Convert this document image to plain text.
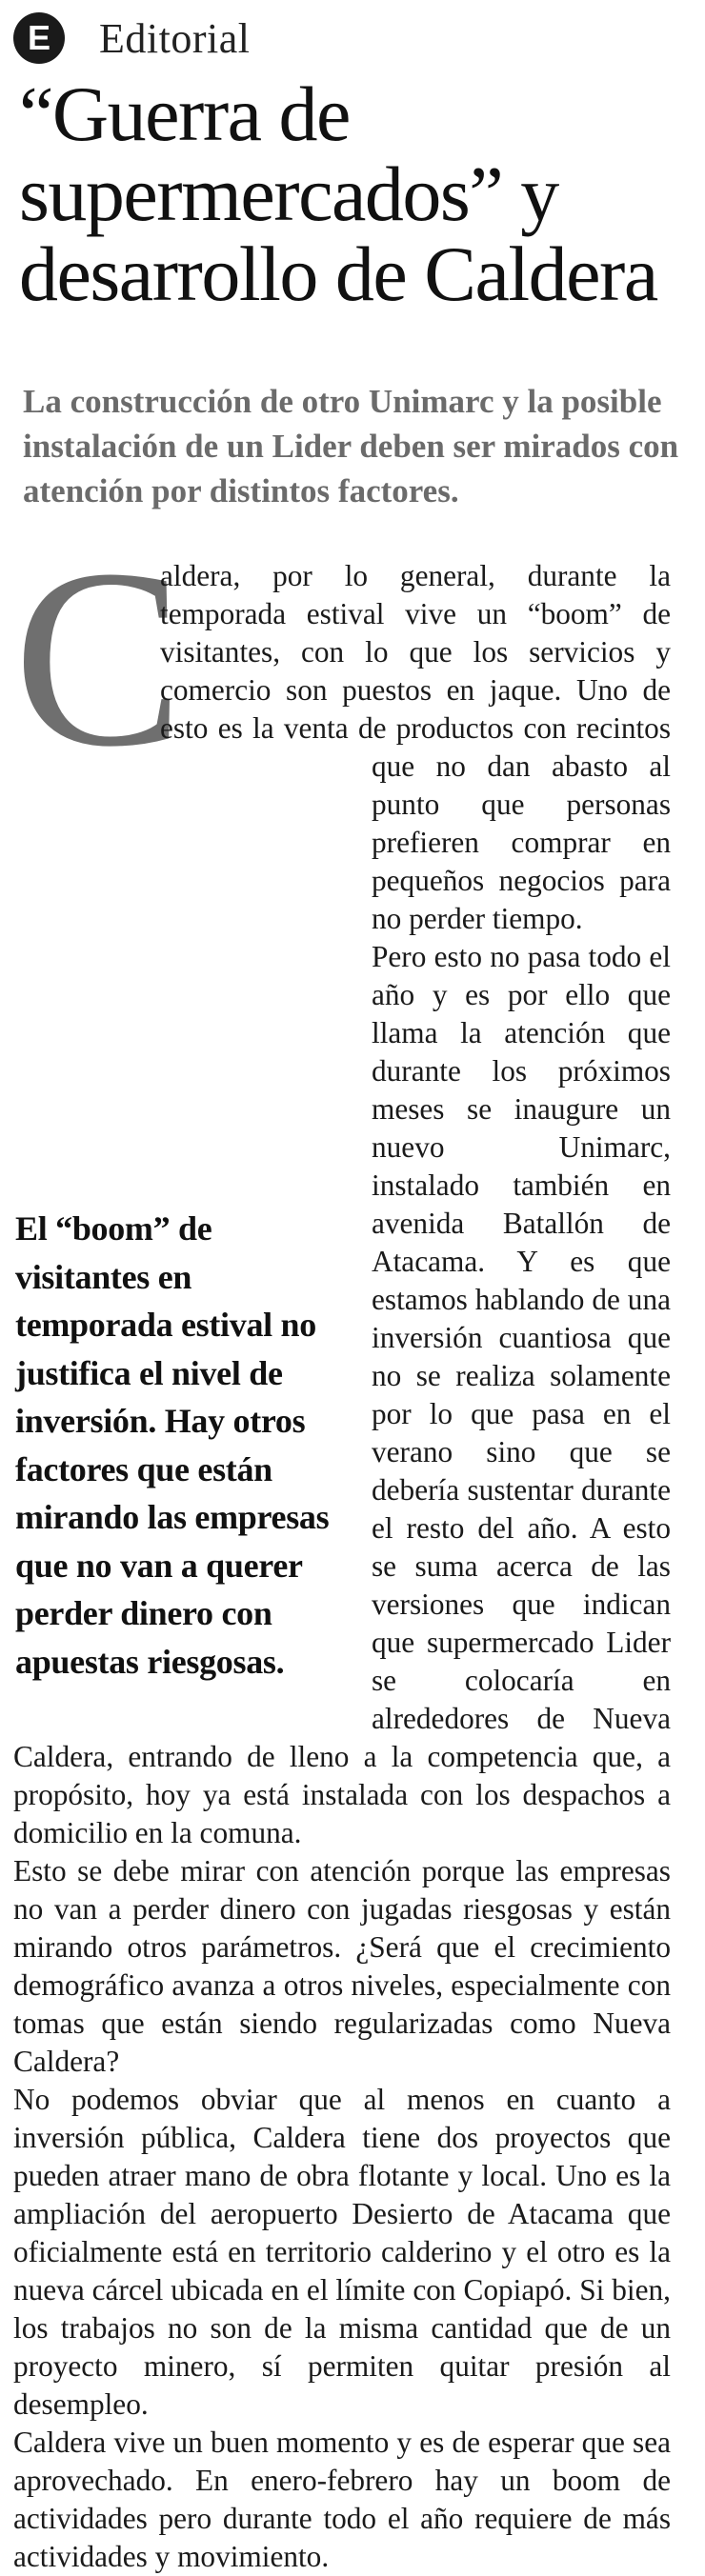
E	Editorial
“Guerra de supermercados” y desarrollo de Caldera
La construcción de otro Unimarc y la posible instalación de un Lider deben ser mirados con atención por distintos factores.
C
El “boom” de visitantes en temporada estival no justifica el nivel de inversión. Hay otros factores que están mirando las empresas que no van a querer perder dinero con apuestas riesgosas.

aldera, por lo general, durante la temporada estival vive un “boom” de visitantes, con lo que los servicios y comercio son puestos en jaque. Uno de esto es la venta de productos con recintos que no dan abasto al punto que personas prefieren comprar en pequeños negocios para no perder tiempo.

Pero esto no pasa todo el año y es por ello que llama la atención que durante los próximos meses se inaugure un nuevo Unimarc, instalado también en avenida Batallón de Atacama. Y es que estamos hablando de una inversión cuantiosa que no se realiza solamente por lo que pasa en el verano sino que se debería sustentar durante el resto del año. A esto se suma acerca de las versiones que indican que supermercado Lider se colocaría en alrededores de Nueva Caldera, entrando de lleno a la competencia que, a propósito, hoy ya está instalada con los despachos a domicilio en la comuna.

Esto se debe mirar con atención porque las empresas no van a perder dinero con jugadas riesgosas y están mirando otros parámetros. ¿Será que el crecimiento demográfico avanza a otros niveles, especialmente con tomas que están siendo regularizadas como Nueva Caldera?

No podemos obviar que al menos en cuanto a inversión pública, Caldera tiene dos proyectos que pueden atraer mano de obra flotante y local. Uno es la ampliación del aeropuerto Desierto de Atacama que oficialmente está en territorio calderino y el otro es la nueva cárcel ubicada en el límite con Copiapó. Si bien, los trabajos no son de la misma cantidad que de un proyecto minero, sí permiten quitar presión al desempleo.

Caldera vive un buen momento y es de esperar que sea aprovechado. En enero-febrero hay un boom de actividades pero durante todo el año requiere de más actividades y movimiento.
